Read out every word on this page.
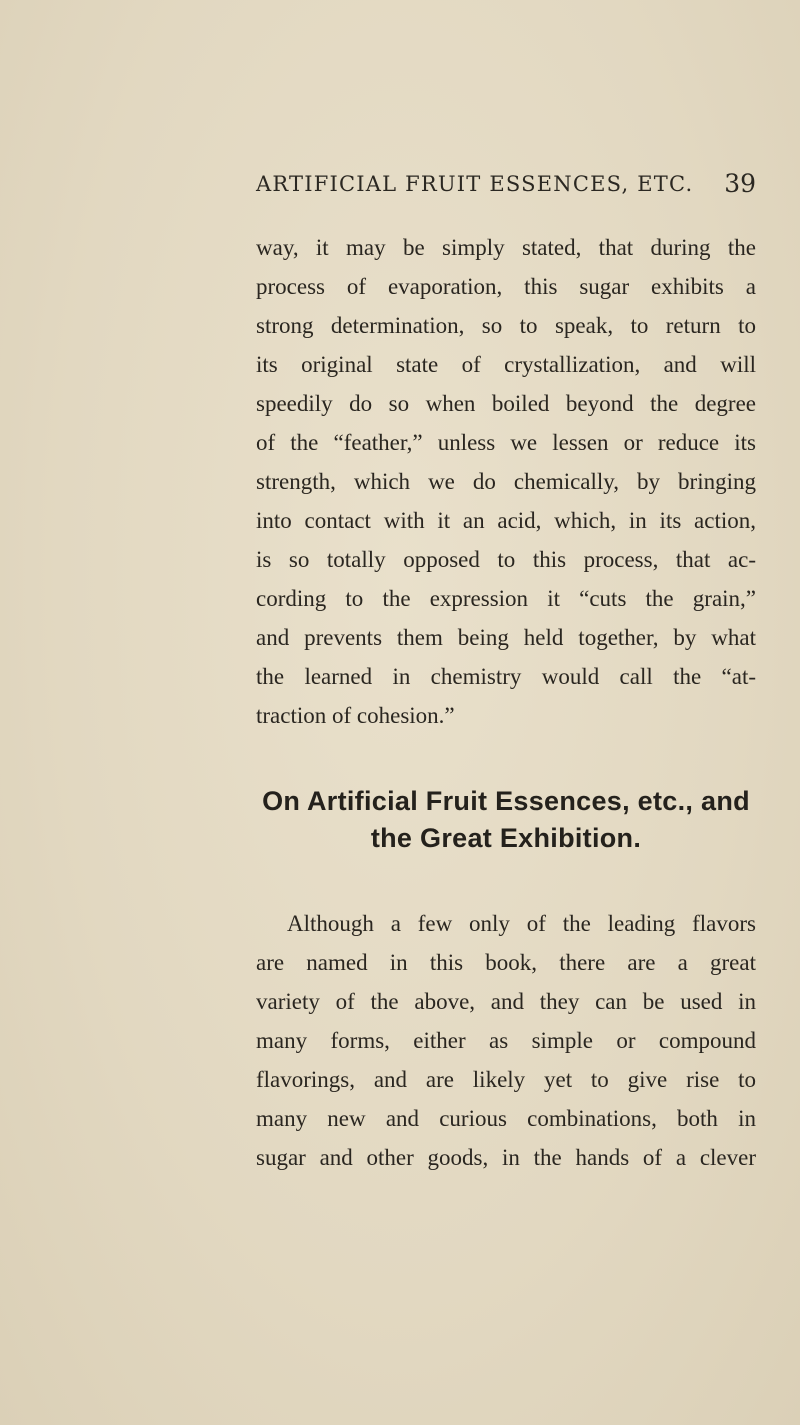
ARTIFICIAL FRUIT ESSENCES, ETC. 39
way, it may be simply stated, that during the
process of evaporation, this sugar exhibits a
strong determination, so to speak, to return to
its original state of crystallization, and will
speedily do so when boiled beyond the degree
of the “feather,” unless we lessen or reduce its
strength, which we do chemically, by bringing
into contact with it an acid, which, in its action,
is so totally opposed to this process, that ac-
cording to the expression it “cuts the grain,”
and prevents them being held together, by what
the learned in chemistry would call the “at-
traction of cohesion.”
On Artificial Fruit Essences, etc., and
the Great Exhibition.
Although a few only of the leading flavors
are named in this book, there are a great
variety of the above, and they can be used in
many forms, either as simple or compound
flavorings, and are likely yet to give rise to
many new and curious combinations, both in
sugar and other goods, in the hands of a clever
